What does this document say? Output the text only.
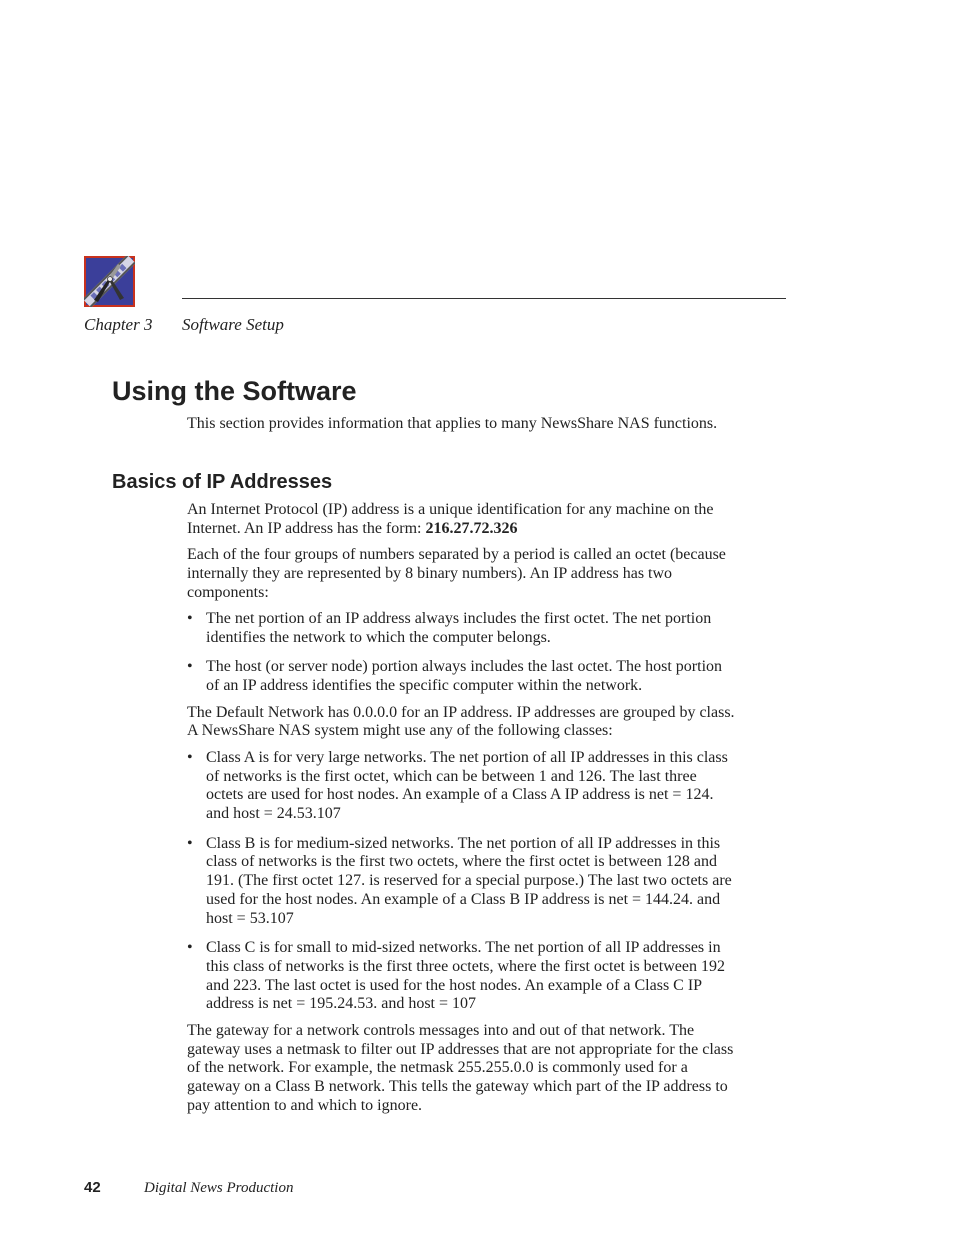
Chapter 3 Software Setup
Using the Software

This section provides information that applies to many NewsShare NAS functions.

Basics of IP Addresses

An Internet Protocol (IP) address is a unique identification for any machine on the Internet. An IP address has the form: 216.27.72.326

Each of the four groups of numbers separated by a period is called an octet (because internally they are represented by 8 binary numbers). An IP address has two components:

• The net portion of an IP address always includes the first octet. The net portion identifies the network to which the computer belongs.
• The host (or server node) portion always includes the last octet. The host portion of an IP address identifies the specific computer within the network.

The Default Network has 0.0.0.0 for an IP address. IP addresses are grouped by class. A NewsShare NAS system might use any of the following classes:

• Class A is for very large networks. The net portion of all IP addresses in this class of networks is the first octet, which can be between 1 and 126. The last three octets are used for host nodes. An example of a Class A IP address is net = 124. and host = 24.53.107
• Class B is for medium-sized networks. The net portion of all IP addresses in this class of networks is the first two octets, where the first octet is between 128 and 191. (The first octet 127. is reserved for a special purpose.) The last two octets are used for the host nodes. An example of a Class B IP address is net = 144.24. and host = 53.107
• Class C is for small to mid-sized networks. The net portion of all IP addresses in this class of networks is the first three octets, where the first octet is between 192 and 223. The last octet is used for the host nodes. An example of a Class C IP address is net = 195.24.53. and host = 107

The gateway for a network controls messages into and out of that network. The gateway uses a netmask to filter out IP addresses that are not appropriate for the class of the network. For example, the netmask 255.255.0.0 is commonly used for a gateway on a Class B network. This tells the gateway which part of the IP address to pay attention to and which to ignore.

42	Digital News Production
